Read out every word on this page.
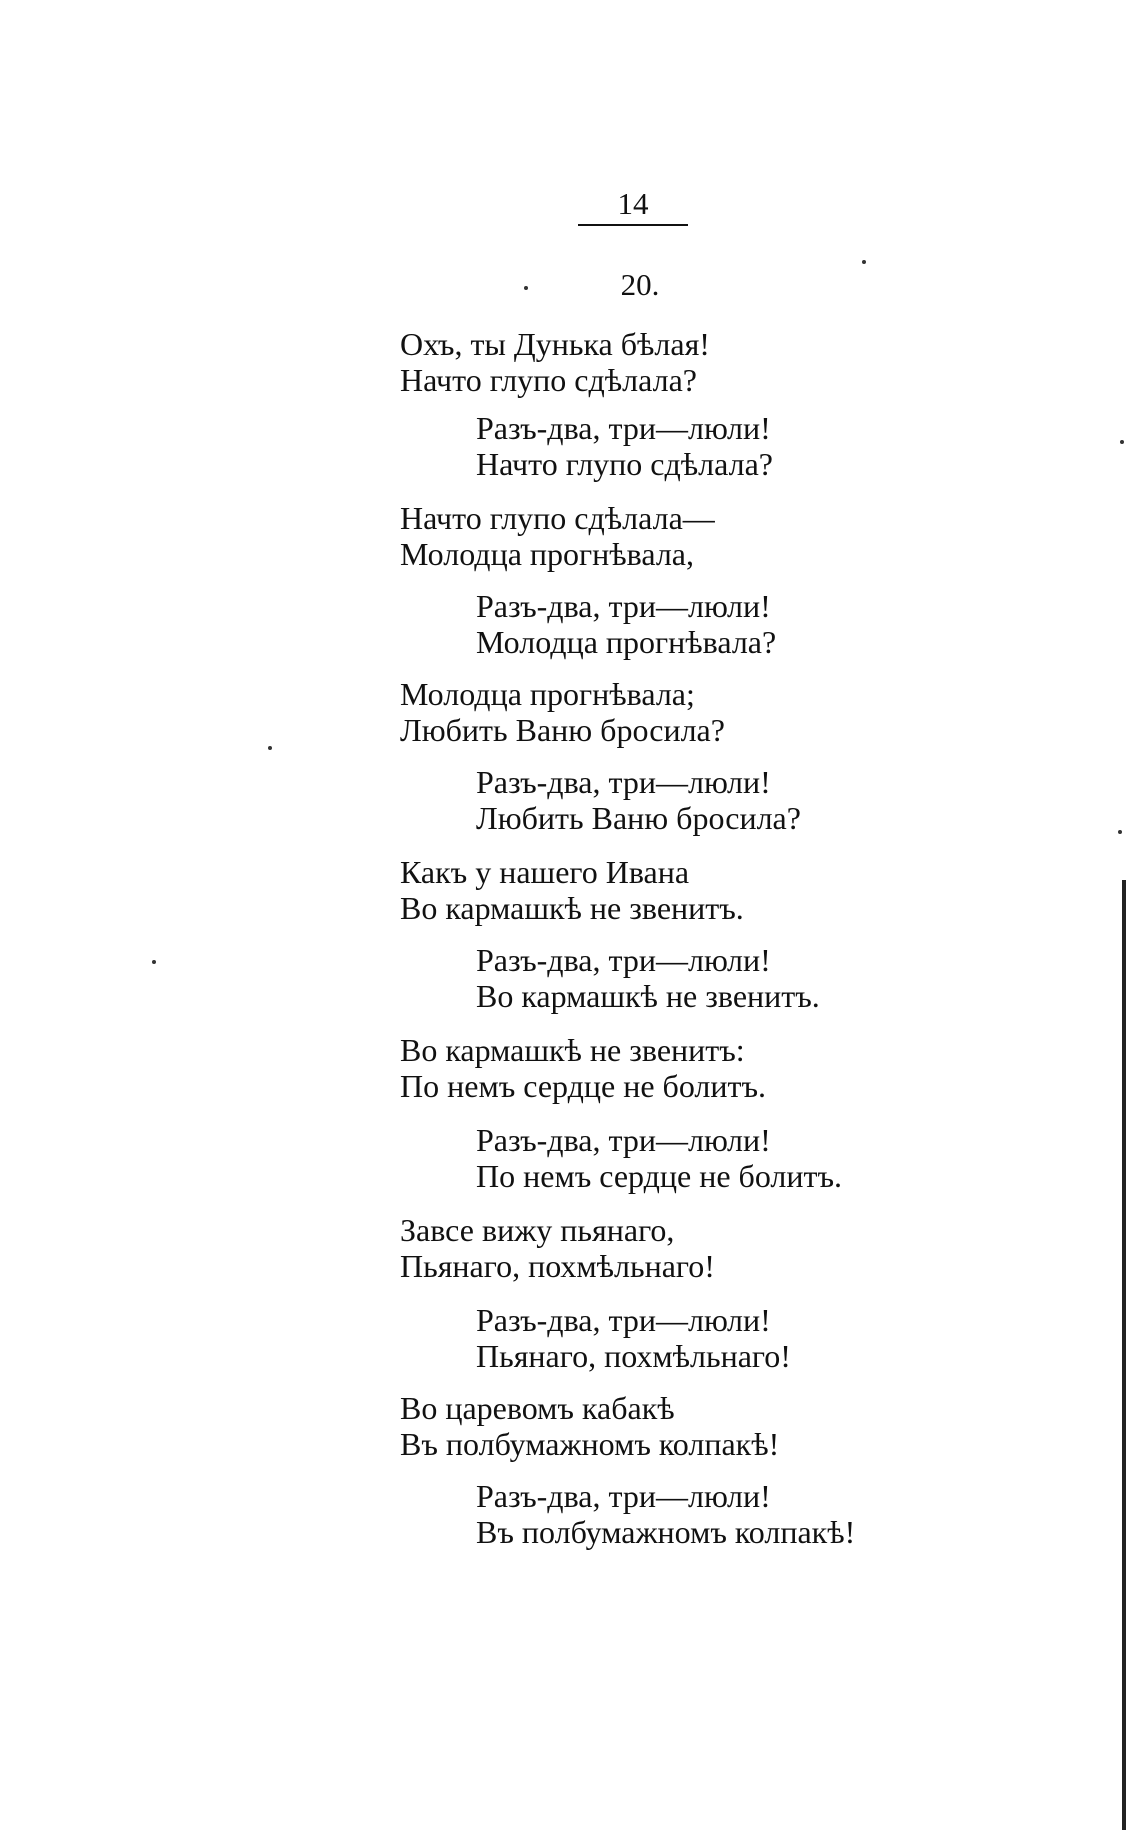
14
20.
Охъ, ты Дунька бѣлая!
Начто глупо сдѣлала?
Разъ-два, три—люли!
Начто глупо сдѣлала?
Начто глупо сдѣлала—
Молодца прогнѣвала,
Разъ-два, три—люли!
Молодца прогнѣвала?
Молодца прогнѣвала;
Любить Ваню бросила?
Разъ-два, три—люли!
Любить Ваню бросила?
Какъ у нашего Ивана
Во кармашкѣ не звенитъ.
Разъ-два, три—люли!
Во кармашкѣ не звенитъ.
Во кармашкѣ не звенитъ:
По немъ сердце не болитъ.
Разъ-два, три—люли!
По немъ сердце не болитъ.
Завсе вижу пьянаго,
Пьянаго, похмѣльнаго!
Разъ-два, три—люли!
Пьянаго, похмѣльнаго!
Во царевомъ кабакѣ
Въ полбумажномъ колпакѣ!
Разъ-два, три—люли!
Въ полбумажномъ колпакѣ!
